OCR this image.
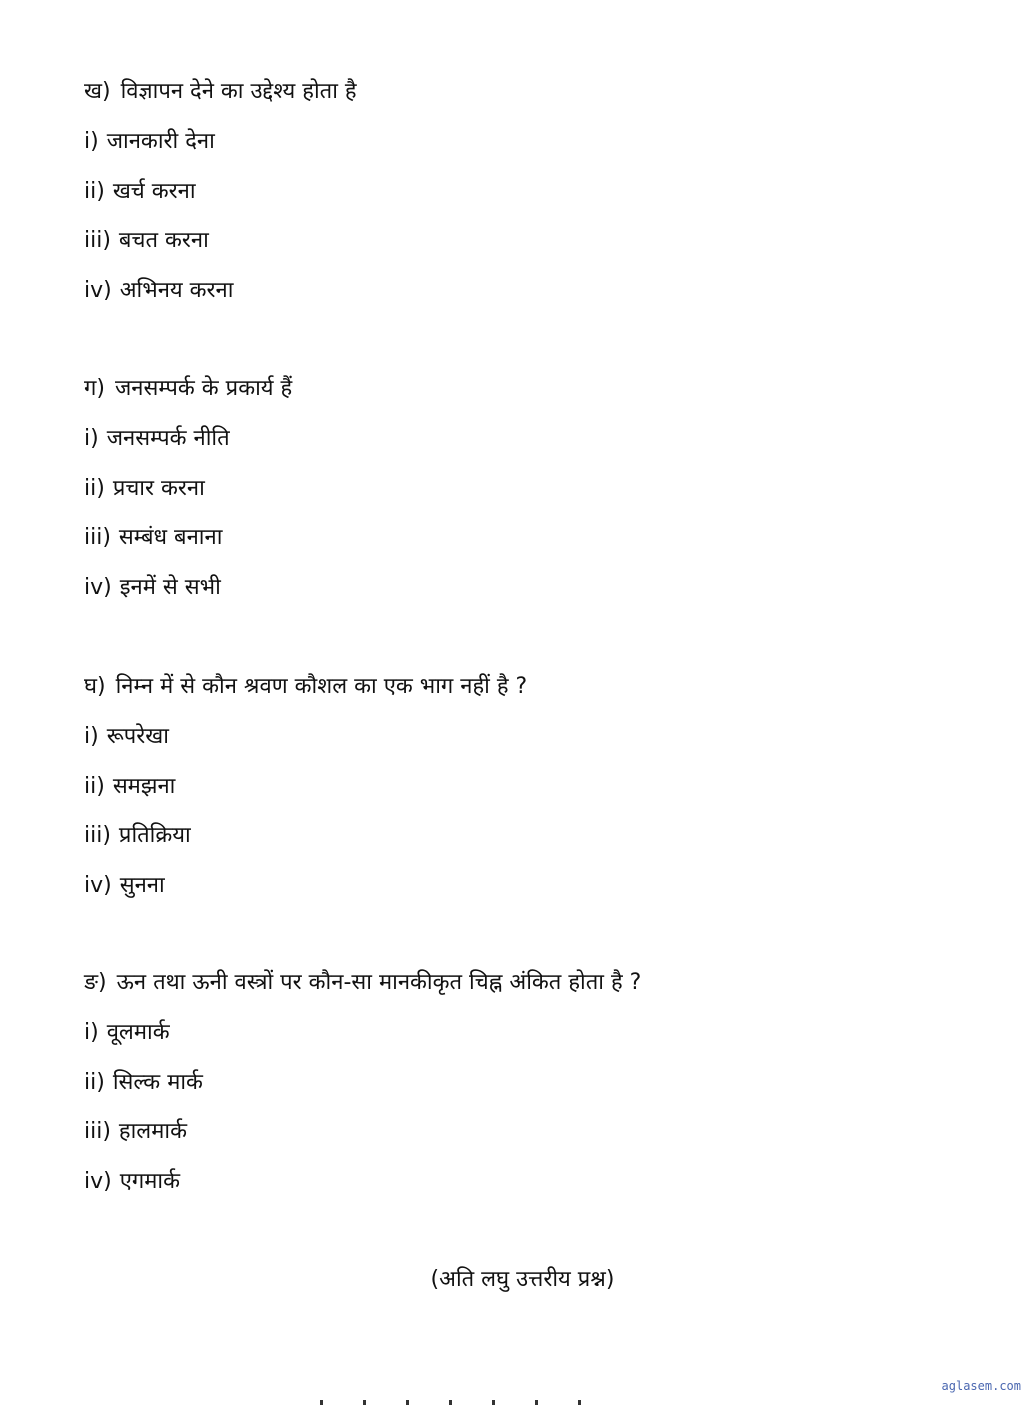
ख) विज्ञापन देने का उद्देश्य होता है
i) जानकारी देना
ii) खर्च करना
iii) बचत करना
iv) अभिनय करना
ग) जनसम्पर्क के प्रकार्य हैं
i) जनसम्पर्क नीति
ii) प्रचार करना
iii) सम्बंध बनाना
iv) इनमें से सभी
घ) निम्न में से कौन श्रवण कौशल का एक भाग नहीं है ?
i) रूपरेखा
ii) समझना
iii) प्रतिक्रिया
iv) सुनना
ङ) ऊन तथा ऊनी वस्त्रों पर कौन-सा मानकीकृत चिह्न अंकित होता है ?
i) वूलमार्क
ii) सिल्क मार्क
iii) हालमार्क
iv) एगमार्क
(अति लघु उत्तरीय प्रश्न)
aglasem.com
